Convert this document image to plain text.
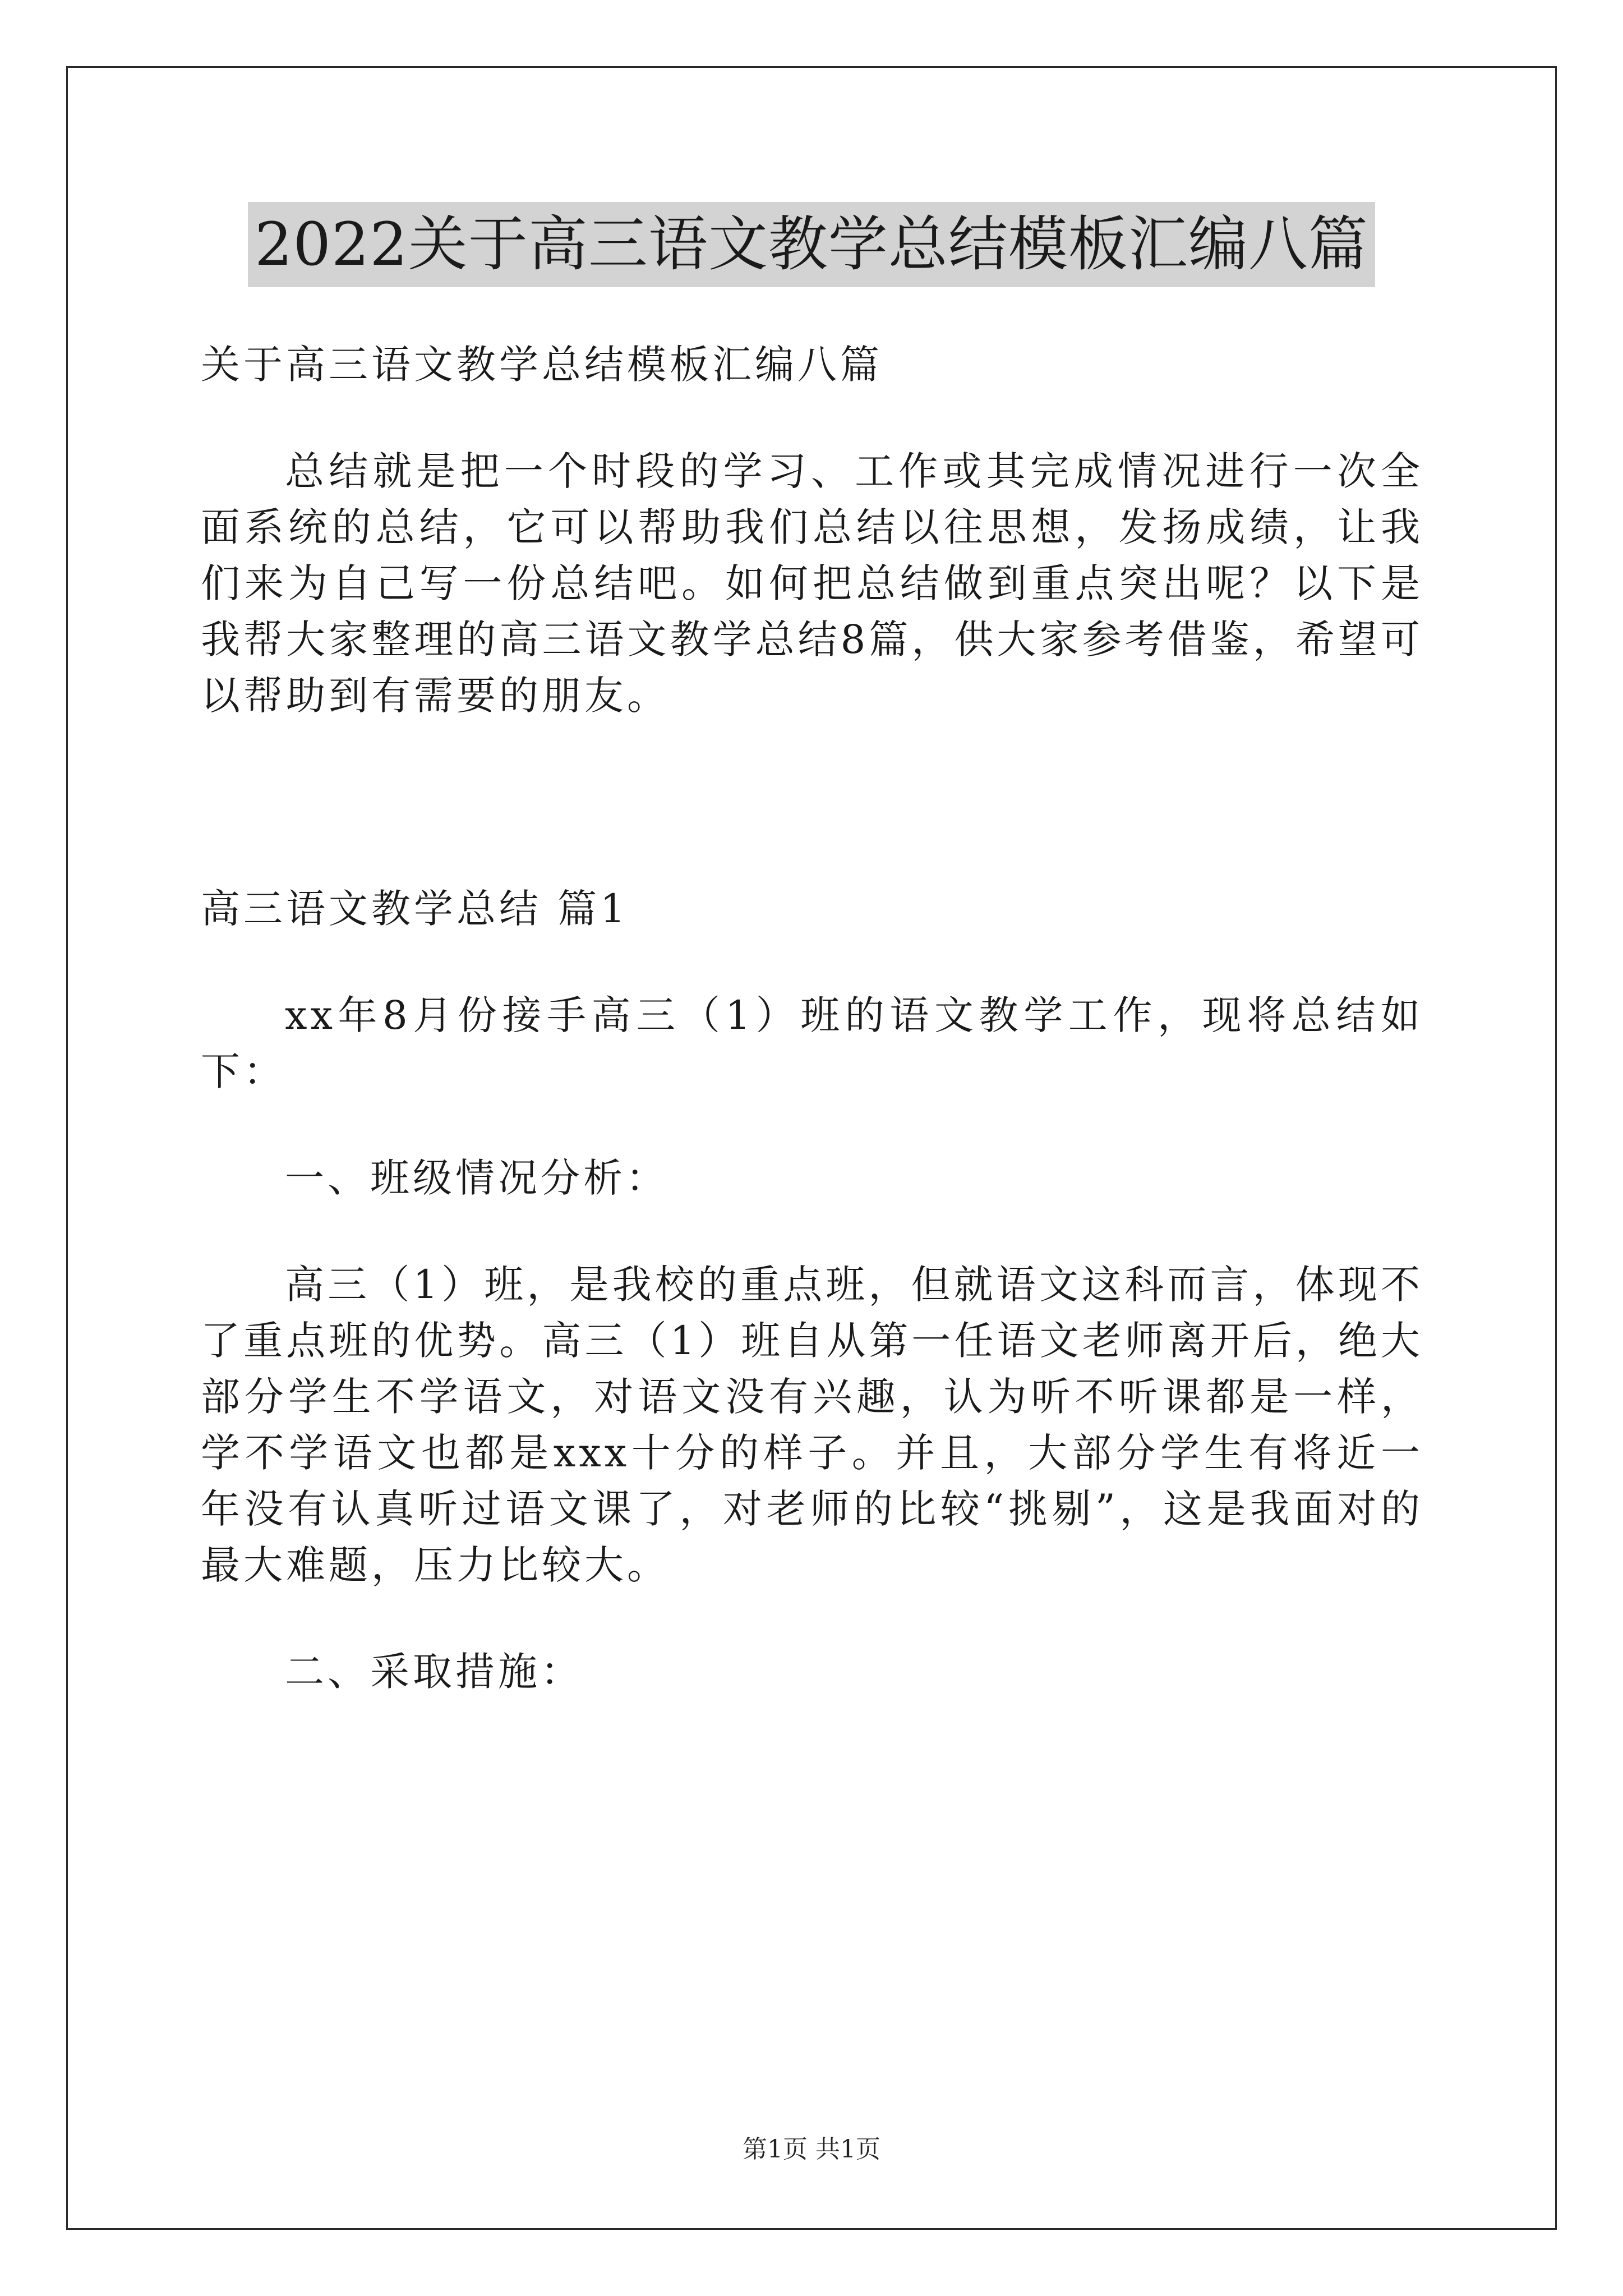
2022关于高三语文教学总结模板汇编八篇
关于高三语文教学总结模板汇编八篇

总结就是把一个时段的学习、工作或其完成情况进行一次全面系统的总结，它可以帮助我们总结以往思想，发扬成绩，让我们来为自己写一份总结吧。如何把总结做到重点突出呢？以下是我帮大家整理的高三语文教学总结8篇，供大家参考借鉴，希望可以帮助到有需要的朋友。

高三语文教学总结 篇1

xx年8月份接手高三（1）班的语文教学工作，现将总结如下：

一、班级情况分析：

高三（1）班，是我校的重点班，但就语文这科而言，体现不了重点班的优势。高三（1）班自从第一任语文老师离开后，绝大部分学生不学语文，对语文没有兴趣，认为听不听课都是一样，学不学语文也都是xxx十分的样子。并且，大部分学生有将近一年没有认真听过语文课了，对老师的比较“挑剔”，这是我面对的最大难题，压力比较大。

二、采取措施：

第1页 共1页
